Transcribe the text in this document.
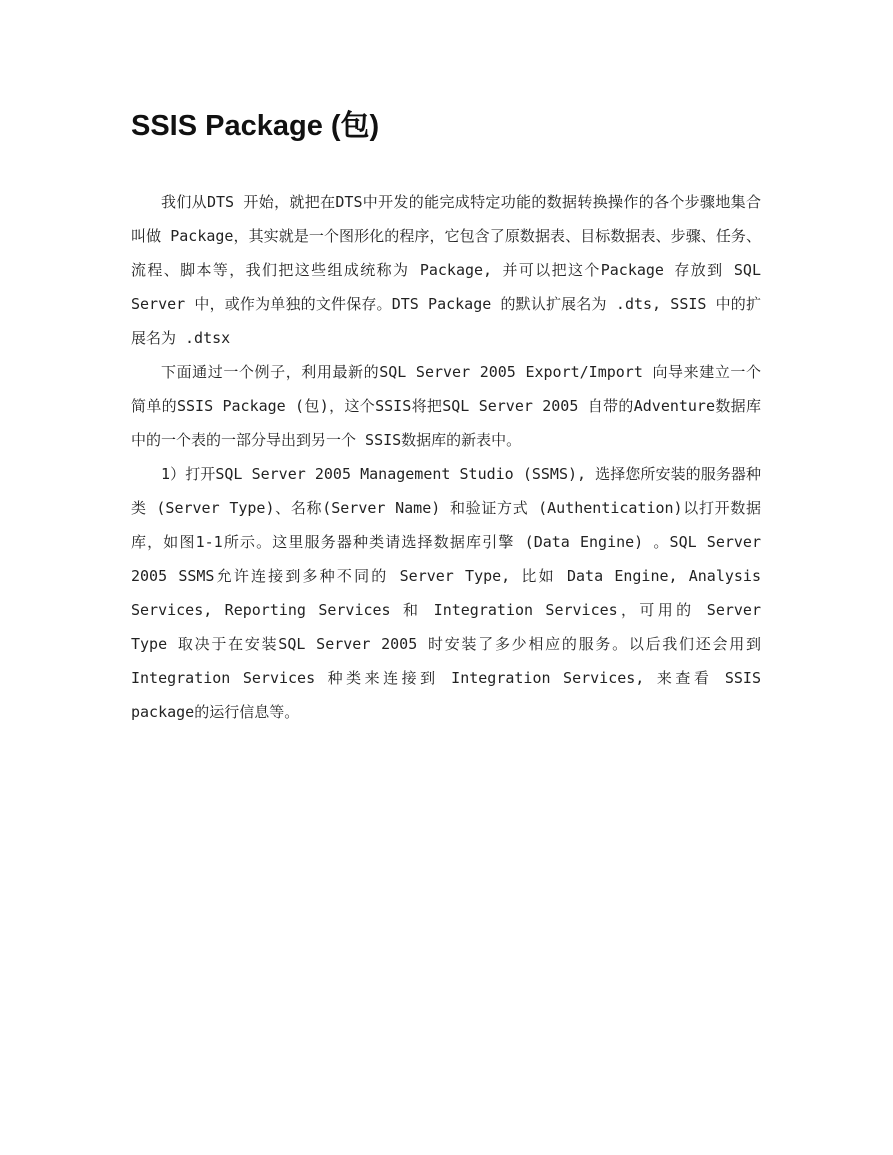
SSIS Package (包)

我们从DTS 开始，就把在DTS中开发的能完成特定功能的数据转换操作的各个步骤地集合叫做 Package，其实就是一个图形化的程序，它包含了原数据表、目标数据表、步骤、任务、流程、脚本等，我们把这些组成统称为 Package, 并可以把这个Package 存放到 SQL Server 中，或作为单独的文件保存。DTS Package 的默认扩展名为 .dts, SSIS 中的扩展名为 .dtsx

下面通过一个例子，利用最新的SQL Server 2005 Export/Import 向导来建立一个简单的SSIS Package (包)，这个SSIS将把SQL Server 2005 自带的Adventure数据库中的一个表的一部分导出到另一个 SSIS数据库的新表中。

1）打开SQL Server 2005 Management Studio (SSMS), 选择您所安装的服务器种类 (Server Type)、名称(Server Name) 和验证方式 (Authentication)以打开数据库，如图1-1所示。这里服务器种类请选择数据库引擎 (Data Engine) 。SQL Server 2005 SSMS允许连接到多种不同的 Server Type, 比如 Data Engine, Analysis Services, Reporting Services 和 Integration Services，可用的 Server Type 取决于在安装SQL Server 2005 时安装了多少相应的服务。以后我们还会用到 Integration Services 种类来连接到 Integration Services, 来查看 SSIS package的运行信息等。
